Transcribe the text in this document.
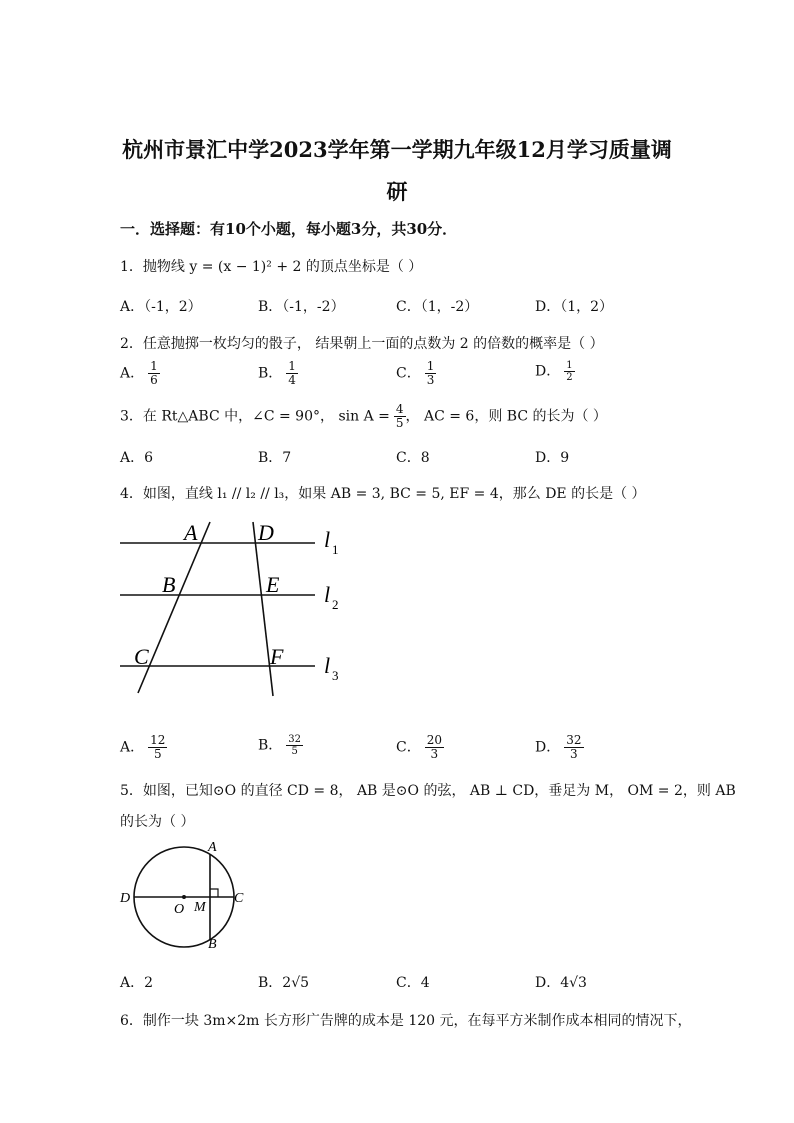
杭州市景汇中学2023学年第一学期九年级12月学习质量调
研
一．选择题：有10个小题，每小题3分，共30分．
1．抛物线 y = (x − 1)² + 2 的顶点坐标是（ ）
A．（-1，2）	B．（-1，-2）	C．（1，-2）	D．（1，2）
2．任意抛掷一枚均匀的骰子， 结果朝上一面的点数为 2 的倍数的概率是（ ）
A． $\frac{1}{6}$	B． $\frac{1}{4}$	C． $\frac{1}{3}$	D． $\frac{1}{2}$
3．在 Rt△ABC 中，∠C = 90°， $\sin A = \frac{4}{5}$ ， AC = 6，则 BC 的长为（ ）
A．6	B．7	C．8	D．9
4．如图，直线 l₁ // l₂ // l₃，如果 AB = 3, BC = 5, EF = 4，那么 DE 的长是（ ）
A
B
C
D
E
F
l 1
l 2
l 3
A． $\frac{12}{5}$	B． $\frac{32}{5}$	C． $\frac{20}{3}$	D． $\frac{32}{3}$
5．如图，已知⊙O 的直径 CD = 8， AB 是⊙O 的弦， AB ⊥ CD，垂足为 M， OM = 2，则 AB
的长为（ ）
A
B
C
D
O M
A．2	B．2√5	C．4	D．4√3
6．制作一块 3m×2m 长方形广告牌的成本是 120 元，在每平方米制作成本相同的情况下，
